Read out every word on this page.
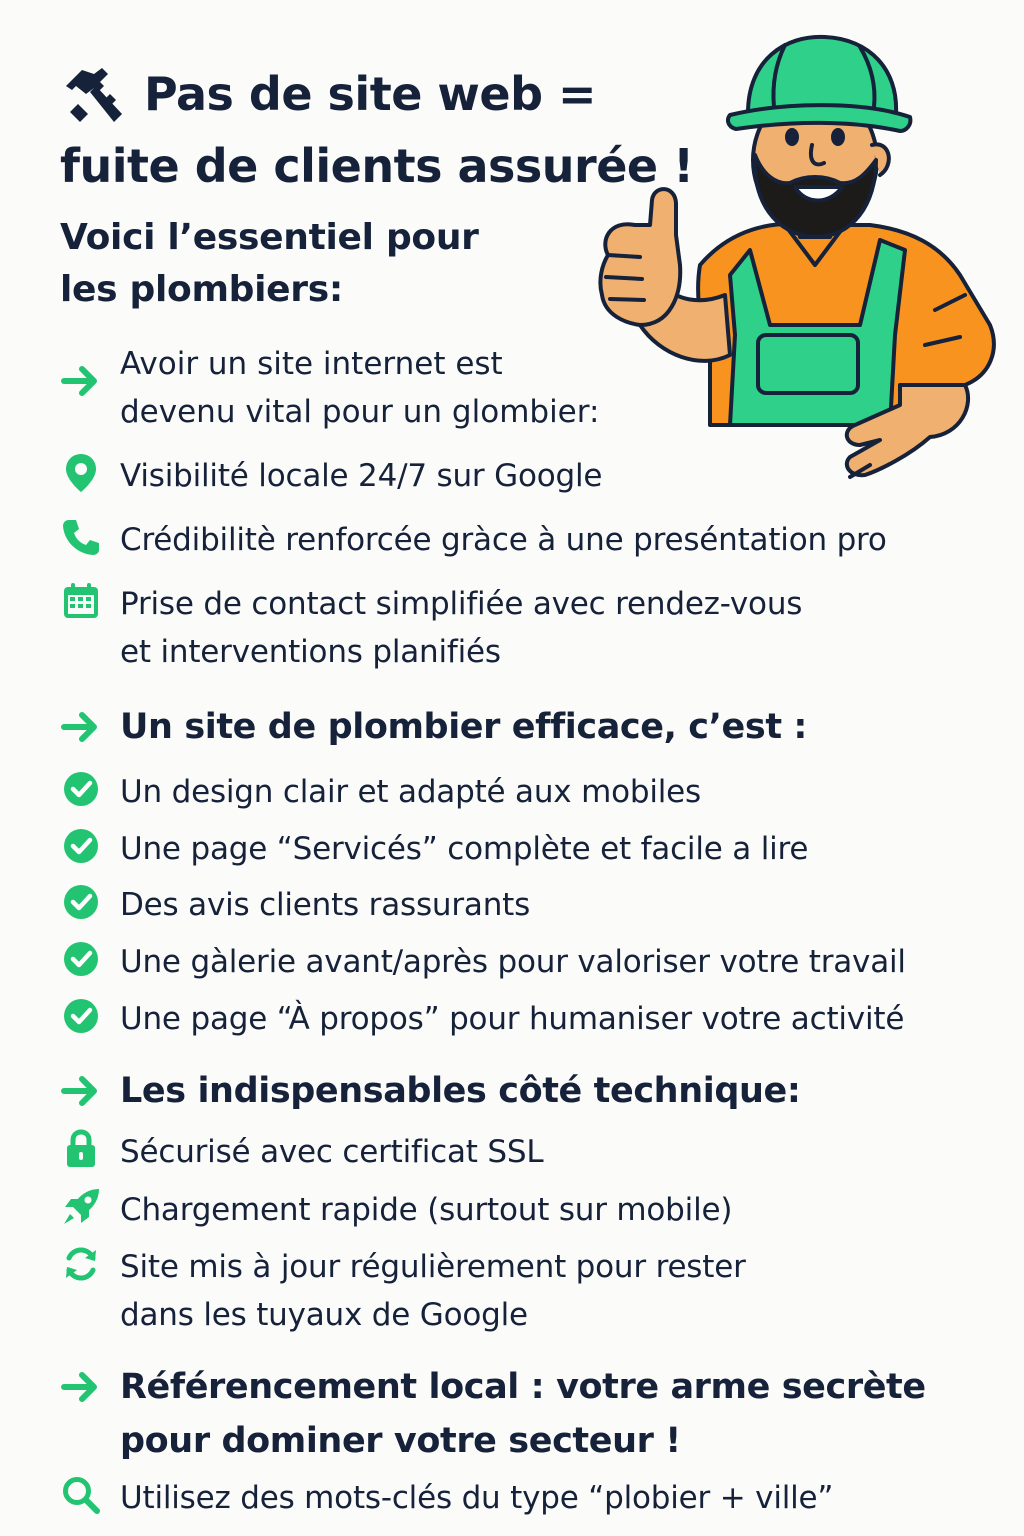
Pas de site web =
fuite de clients assurée !
Voici l’essentiel pour
les plombiers:
Avoir un site internet est
devenu vital pour un glombier:
Visibilité locale 24/7 sur Google
Crédibilitè renforcée gràce à une preséntation pro
Prise de contact simplifiée avec rendez-vous
et interventions planifiés
Un site de plombier efficace, c’est :
Un design clair et adapté aux mobiles
Une page “Servicés” complète et facile a lire
Des avis clients rassurants
Une gàlerie avant/après pour valoriser votre travail
Une page “À propos” pour humaniser votre activité
Les indispensables côté technique:
Sécurisé avec certificat SSL
Chargement rapide (surtout sur mobile)
Site mis à jour régulièrement pour rester
dans les tuyaux de Google
Référencement local : votre arme secrète
pour dominer votre secteur !
Utilisez des mots-clés du type “plobier + ville”
